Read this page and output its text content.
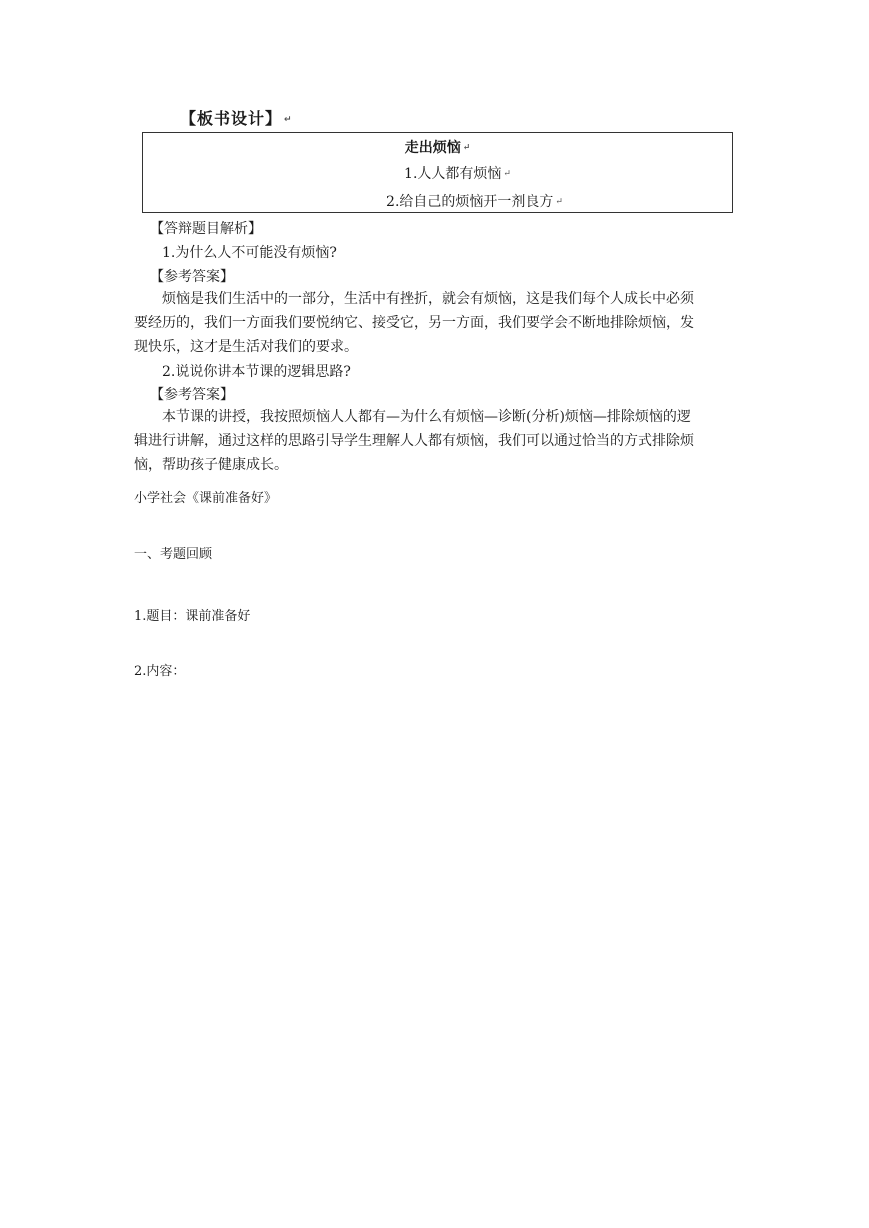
【板书设计】 ↵
走出烦恼 ↵
1.人人都有烦恼 ↵
2.给自己的烦恼开一剂良方 ↵
【答辩题目解析】
1.为什么人不可能没有烦恼?
【参考答案】
烦恼是我们生活中的一部分，生活中有挫折，就会有烦恼，这是我们每个人成长中必须
要经历的，我们一方面我们要悦纳它、接受它，另一方面，我们要学会不断地排除烦恼，发
现快乐，这才是生活对我们的要求。
2.说说你讲本节课的逻辑思路?
【参考答案】
本节课的讲授，我按照烦恼人人都有—为什么有烦恼—诊断(分析)烦恼—排除烦恼的逻
辑进行讲解，通过这样的思路引导学生理解人人都有烦恼，我们可以通过恰当的方式排除烦
恼，帮助孩子健康成长。
小学社会《课前准备好》
一、考题回顾
1.题目：课前准备好
2.内容：
